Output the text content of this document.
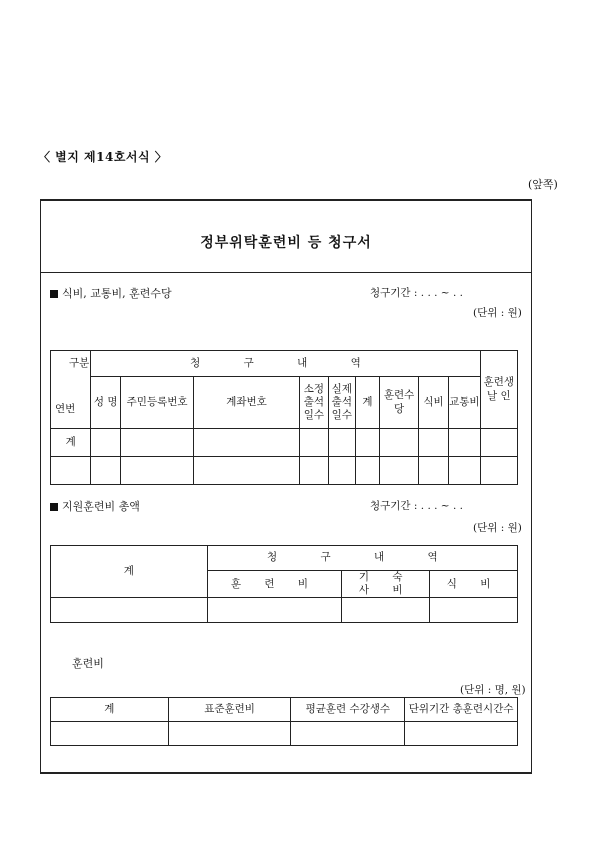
〈 별지 제14호서식 〉
(앞쪽)
정부위탁훈련비 등 청구서
식비, 교통비, 훈련수당	청구기간 : . . . ~ . .
(단위 : 원)
구분	청 구 내 역									훈련생 날 인
연번	성 명	주민등록번호	계좌번호	소정출석일수	실제출석일수	계	훈련수당	식비	교통비	
계										

지원훈련비 총액	청구기간 : . . . ~ . .
(단위 : 원)
계	청 구 내 역		
	훈 련 비	기 숙 사 비	식 비

훈련비
(단위 : 명, 원)
계	표준훈련비	평균훈련 수강생수	단위기간 총훈련시간수
